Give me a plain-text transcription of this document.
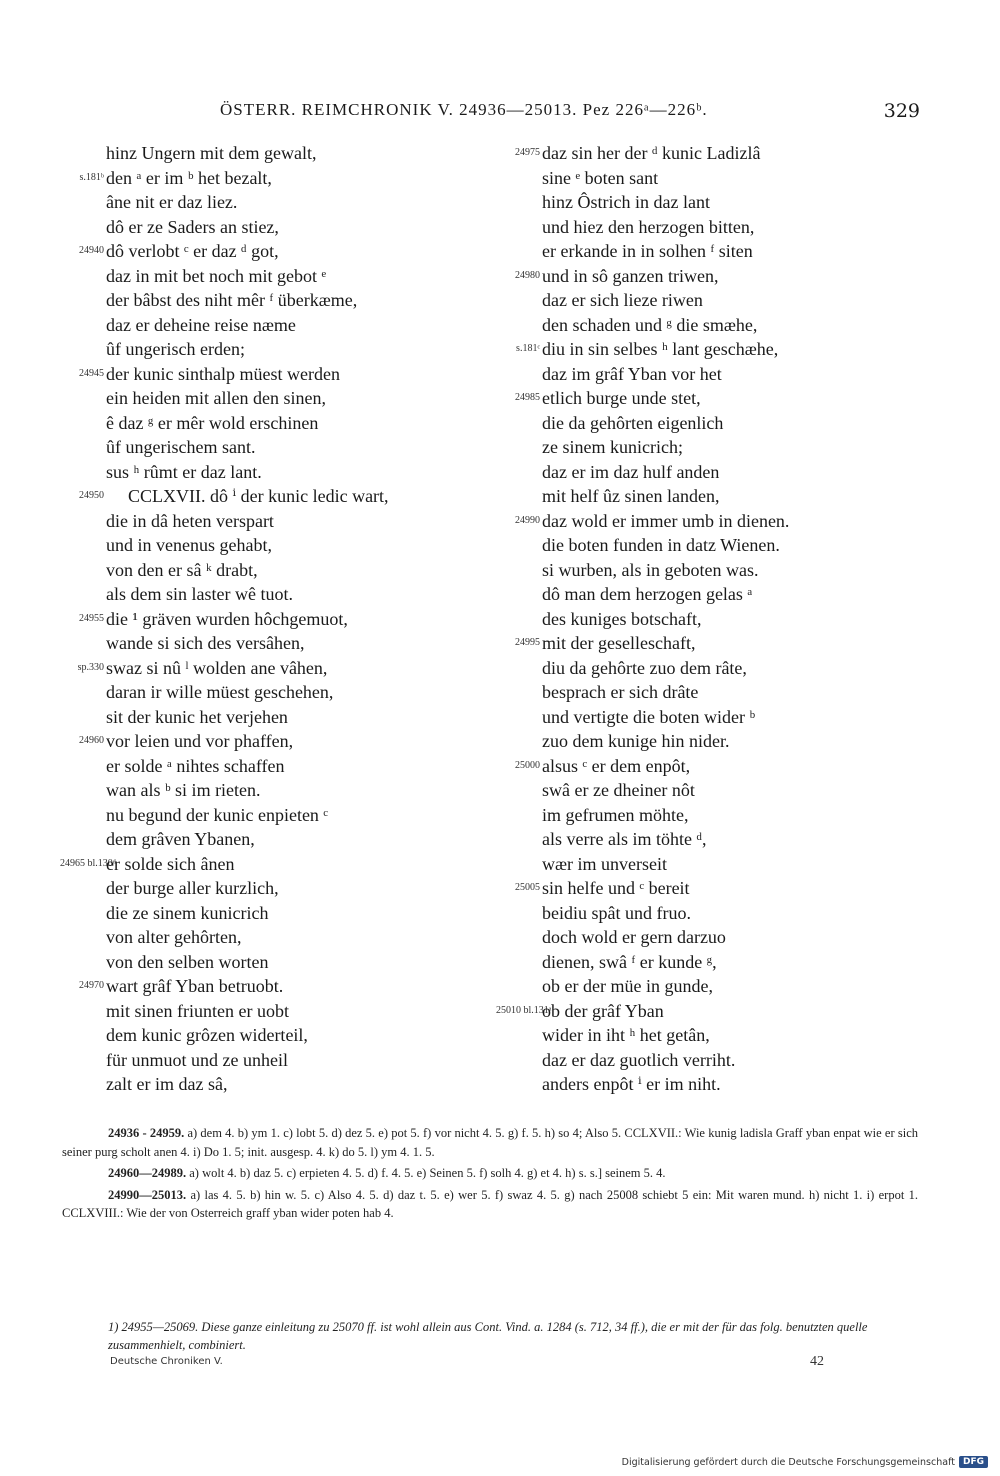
ÖSTERR. REIMCHRONIK V. 24936—25013. Pez 226ᵃ—226ᵇ.	329
hinz Ungern mit dem gewalt,
s.181ᵇ den ᵃ er im ᵇ het bezalt,
âne nit er daz liez.
dô er ze Saders an stiez,
24940 dô verlobt ᶜ er daz ᵈ got,
daz in mit bet noch mit gebot ᵉ
der bâbst des niht mêr ᶠ überkæme,
daz er deheine reise næme
ûf ungerisch erden;
24945 der kunic sinthalp müest werden
ein heiden mit allen den sinen,
ê daz ᵍ er mêr wold erschinen
ûf ungerischem sant.
sus ʰ rûmt er daz lant.
24950 CCLXVII. dô ⁱ der kunic ledic wart,
die in dâ heten verspart
und in venenus gehabt,
von den er sâ ᵏ drabt,
als dem sin laster wê tuot.
24955 die ¹ gräven wurden hôchgemuot,
wande si sich des versâhen,
sp.330 swaz si nû ˡ wolden ane vâhen,
daran ir wille müest geschehen,
sit der kunic het verjehen
24960 vor leien und vor phaffen,
er solde ᵃ nihtes schaffen
wan als ᵇ si im rieten.
nu begund der kunic enpieten ᶜ
dem grâven Ybanen,
24965 bl.130ᵈ
er solde sich ânen
der burge aller kurzlich,
die ze sinem kunicrich
von alter gehôrten,
von den selben worten
24970 wart grâf Yban betruobt.
mit sinen friunten er uobt
dem kunic grôzen widerteil,
für unmuot und ze unheil
zalt er im daz sâ,
24975 daz sin her der ᵈ kunic Ladizlâ
sine ᵉ boten sant
hinz Ôstrich in daz lant
und hiez den herzogen bitten,
er erkande in in solhen ᶠ siten
24980 und in sô ganzen triwen,
daz er sich lieze riwen
den schaden und ᵍ die smæhe,
s.181ᶜ diu in sin selbes ʰ lant geschæhe,
daz im grâf Yban vor het
24985 etlich burge unde stet,
die da gehôrten eigenlich
ze sinem kunicrich;
daz er im daz hulf anden
mit helf ûz sinen landen,
24990 daz wold er immer umb in dienen.
die boten funden in datz Wienen.
si wurben, als in geboten was.
dô man dem herzogen gelas ᵃ
des kuniges botschaft,
24995 mit der geselleschaft,
diu da gehôrte zuo dem râte,
besprach er sich drâte
und vertigte die boten wider ᵇ
zuo dem kunige hin nider.
25000 alsus ᶜ er dem enpôt,
swâ er ze dheiner nôt
im gefrumen möhte,
als verre als im töhte ᵈ,
wær im unverseit
25005 sin helfe und ᶜ bereit
beidiu spât und fruo.
doch wold er gern darzuo
dienen, swâ ᶠ er kunde ᵍ,
ob er der müe in gunde,
25010 bl.131ᵃ
ob der grâf Yban
wider in iht ʰ het getân,
daz er daz guotlich verriht.
anders enpôt ⁱ er im niht.
24936 - 24959. a) dem 4. b) ym 1. c) lobt 5. d) dez 5. e) pot 5. f) vor nicht 4. 5. g) f. 5. h) so 4; Also 5. CCLXVII.: Wie kunig ladisla Graff yban enpat wie er sich seiner purg scholt anen 4. i) Do 1. 5; init. ausgesp. 4. k) do 5. l) ym 4. 1. 5.
24960—24989. a) wolt 4. b) daz 5. c) erpieten 4. 5. d) f. 4. 5. e) Seinen 5. f) solh 4. g) et 4. h) s. s.] seinem 5. 4.
24990—25013. a) las 4. 5. b) hin w. 5. c) Also 4. 5. d) daz t. 5. e) wer 5. f) swaz 4. 5. g) nach 25008 schiebt 5 ein: Mit waren mund. h) nicht 1. i) erpot 1. CCLXVIII.: Wie der von Osterreich graff yban wider poten hab 4.
1) 24955—25069. Diese ganze einleitung zu 25070 ff. ist wohl allein aus Cont. Vind. a. 1284 (s. 712, 34 ff.), die er mit der für das folg. benutzten quelle zusammenhielt, combiniert.
Deutsche Chroniken V.	42
Digitalisierung gefördert durch die Deutsche Forschungsgemeinschaft DFG
